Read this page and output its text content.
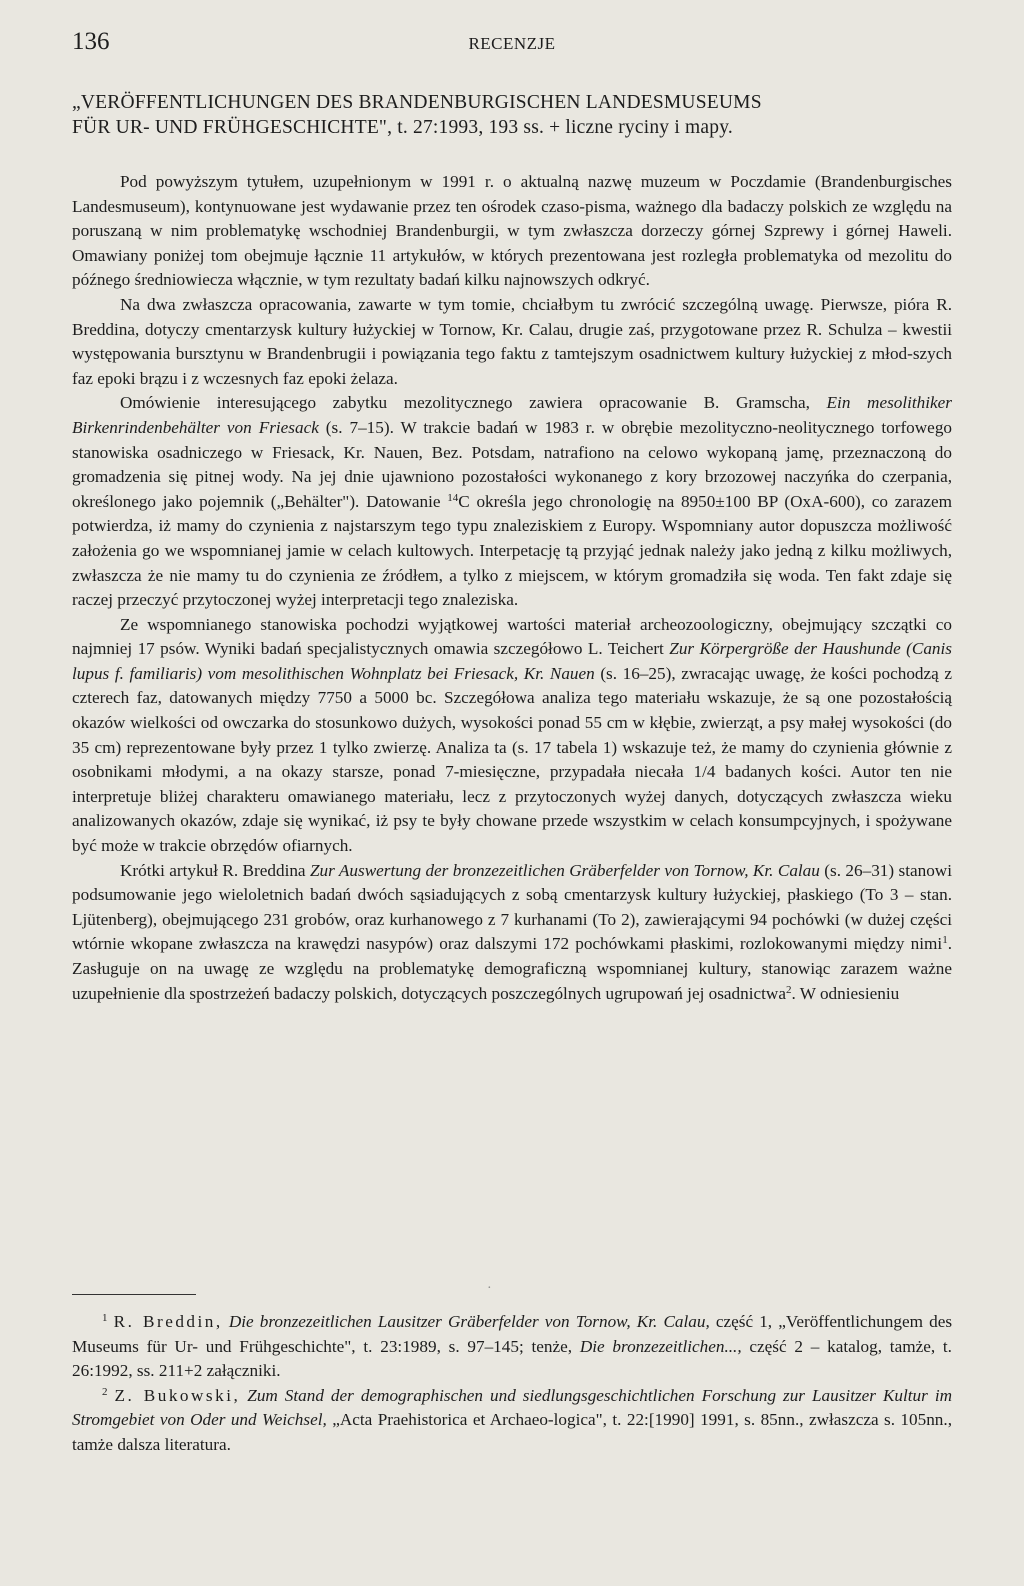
136	RECENZJE
„VERÖFFENTLICHUNGEN DES BRANDENBURGISCHEN LANDESMUSEUMS
FÜR UR- UND FRÜHGESCHICHTE", t. 27:1993, 193 ss. + liczne ryciny i mapy.

Pod powyższym tytułem, uzupełnionym w 1991 r. o aktualną nazwę muzeum w Poczdamie (Brandenburgisches Landesmuseum), kontynuowane jest wydawanie przez ten ośrodek czaso-pisma, ważnego dla badaczy polskich ze względu na poruszaną w nim problematykę wschodniej Brandenburgii, w tym zwłaszcza dorzeczy górnej Szprewy i górnej Haweli. Omawiany poniżej tom obejmuje łącznie 11 artykułów, w których prezentowana jest rozległa problematyka od mezolitu do późnego średniowiecza włącznie, w tym rezultaty badań kilku najnowszych odkryć.

Na dwa zwłaszcza opracowania, zawarte w tym tomie, chciałbym tu zwrócić szczególną uwagę. Pierwsze, pióra R. Breddina, dotyczy cmentarzysk kultury łużyckiej w Tornow, Kr. Calau, drugie zaś, przygotowane przez R. Schulza – kwestii występowania bursztynu w Brandenbrugii i powiązania tego faktu z tamtejszym osadnictwem kultury łużyckiej z młod-szych faz epoki brązu i z wczesnych faz epoki żelaza.

Omówienie interesującego zabytku mezolitycznego zawiera opracowanie B. Gramscha, Ein mesolithiker Birkenrindenbehälter von Friesack (s. 7–15). W trakcie badań w 1983 r. w obrębie mezolityczno-neolitycznego torfowego stanowiska osadniczego w Friesack, Kr. Nauen, Bez. Potsdam, natrafiono na celowo wykopaną jamę, przeznaczoną do gromadzenia się pitnej wody. Na jej dnie ujawniono pozostałości wykonanego z kory brzozowej naczyńka do czerpania, określonego jako pojemnik („Behälter"). Datowanie $^{14}$C określa jego chronologię na 8950±100 BP (OxA-600), co zarazem potwierdza, iż mamy do czynienia z najstarszym tego typu znaleziskiem z Europy. Wspomniany autor dopuszcza możliwość założenia go we wspomnianej jamie w celach kultowych. Interpetację tą przyjąć jednak należy jako jedną z kilku możliwych, zwłaszcza że nie mamy tu do czynienia ze źródłem, a tylko z miejscem, w którym gromadziła się woda. Ten fakt zdaje się raczej przeczyć przytoczonej wyżej interpretacji tego znaleziska.

Ze wspomnianego stanowiska pochodzi wyjątkowej wartości materiał archeozoologiczny, obejmujący szczątki co najmniej 17 psów. Wyniki badań specjalistycznych omawia szczegółowo L. Teichert Zur Körpergröße der Haushunde (Canis lupus f. familiaris) vom mesolithischen Wohnplatz bei Friesack, Kr. Nauen (s. 16–25), zwracając uwagę, że kości pochodzą z czterech faz, datowanych między 7750 a 5000 bc. Szczegółowa analiza tego materiału wskazuje, że są one pozostałością okazów wielkości od owczarka do stosunkowo dużych, wysokości ponad 55 cm w kłębie, zwierząt, a psy małej wysokości (do 35 cm) reprezentowane były przez 1 tylko zwierzę. Analiza ta (s. 17 tabela 1) wskazuje też, że mamy do czynienia głównie z osobnikami młodymi, a na okazy starsze, ponad 7-miesięczne, przypadała niecała 1/4 badanych kości. Autor ten nie interpretuje bliżej charakteru omawianego materiału, lecz z przytoczonych wyżej danych, dotyczących zwłaszcza wieku analizowanych okazów, zdaje się wynikać, iż psy te były chowane przede wszystkim w celach konsumpcyjnych, i spożywane być może w trakcie obrzędów ofiarnych.

Krótki artykuł R. Breddina Zur Auswertung der bronzezeitlichen Gräberfelder von Tornow, Kr. Calau (s. 26–31) stanowi podsumowanie jego wieloletnich badań dwóch sąsiadujących z sobą cmentarzysk kultury łużyckiej, płaskiego (To 3 – stan. Ljütenberg), obejmującego 231 grobów, oraz kurhanowego z 7 kurhanami (To 2), zawierającymi 94 pochówki (w dużej części wtórnie wkopane zwłaszcza na krawędzi nasypów) oraz dalszymi 172 pochówkami płaskimi, rozlokowanymi między nimi$^1$. Zasługuje on na uwagę ze względu na problematykę demograficzną wspomnianej kultury, stanowiąc zarazem ważne uzupełnienie dla spostrzeżeń badaczy polskich, dotyczących poszczególnych ugrupowań jej osadnictwa$^2$. W odniesieniu

·

$^1$ R. Breddin, Die bronzezeitlichen Lausitzer Gräberfelder von Tornow, Kr. Calau, część 1, „Veröffentlichungem des Museums für Ur- und Frühgeschichte", t. 23:1989, s. 97–145; tenże, Die bronzezeitlichen..., część 2 – katalog, tamże, t. 26:1992, ss. 211+2 załączniki.

$^2$ Z. Bukowski, Zum Stand der demographischen und siedlungsgeschichtlichen Forschung zur Lausitzer Kultur im Stromgebiet von Oder und Weichsel, „Acta Praehistorica et Archaeo-logica", t. 22:[1990] 1991, s. 85nn., zwłaszcza s. 105nn., tamże dalsza literatura.
